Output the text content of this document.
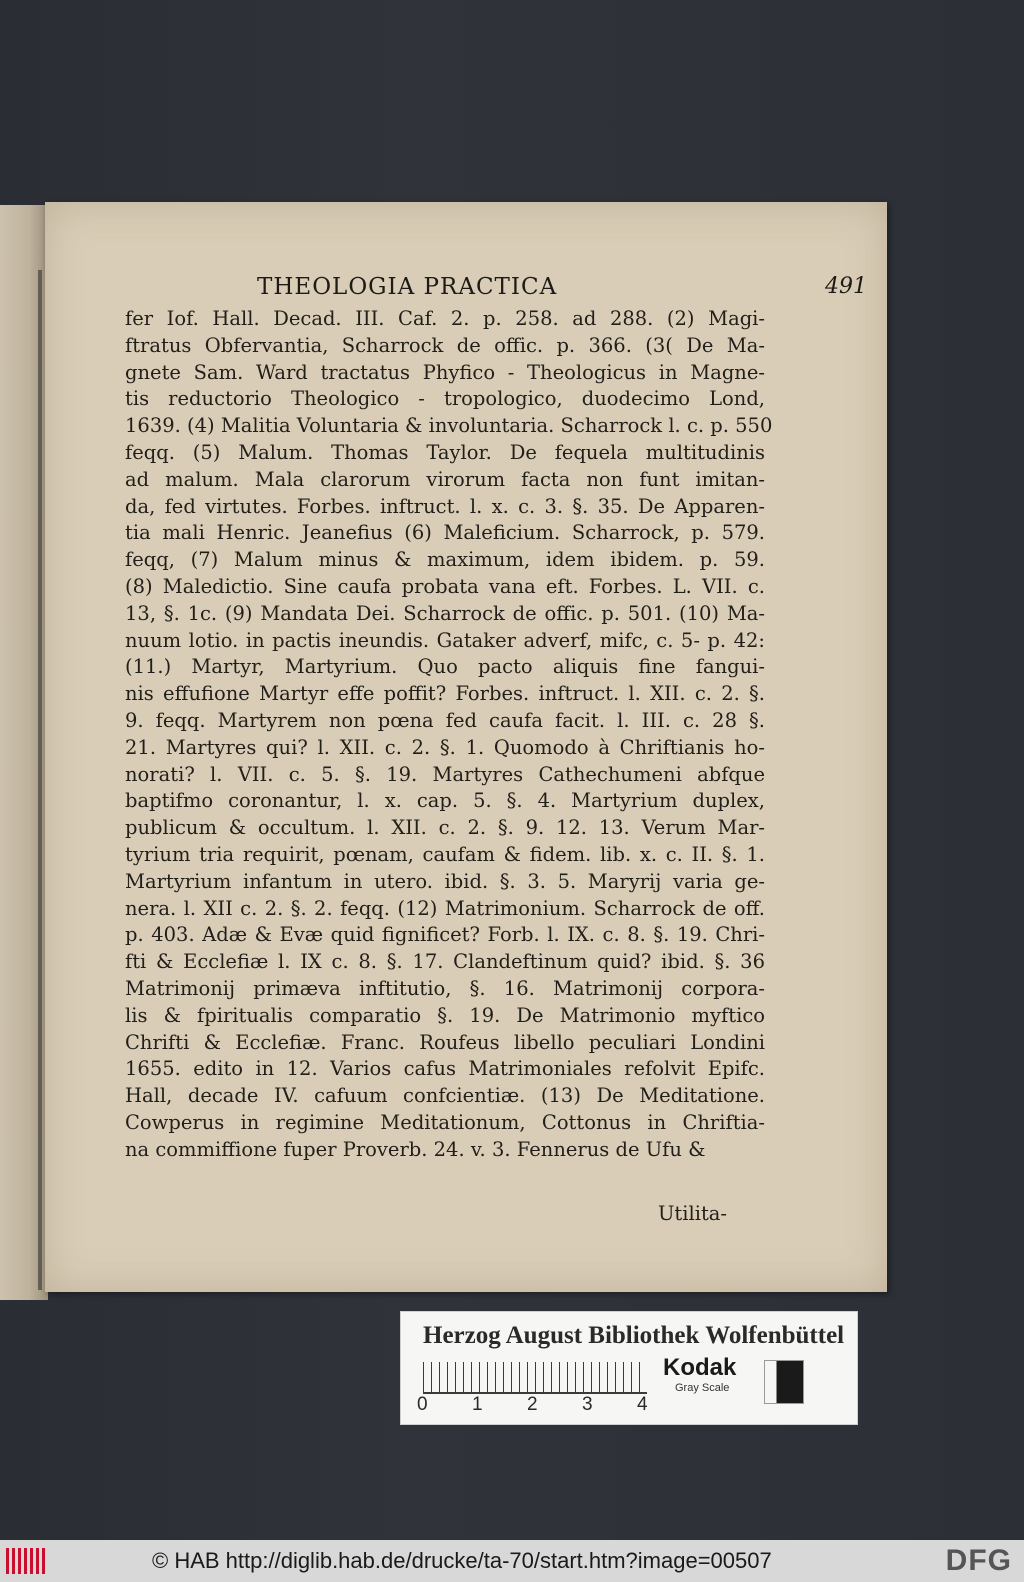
THEOLOGIA PRACTICA	491
fer Iof. Hall. Decad. III. Caf. 2. p. 258. ad 288. (2) Magi-
ftratus Obfervantia, Scharrock de offic. p. 366. (3( De Ma-
gnete Sam. Ward tractatus Phyfico - Theologicus in Magne-
tis reductorio Theologico - tropologico, duodecimo Lond,
1639. (4) Malitia Voluntaria & involuntaria. Scharrock l. c. p. 550
feqq. (5) Malum. Thomas Taylor. De fequela multitudinis
ad malum. Mala clarorum virorum facta non funt imitan-
da, fed virtutes. Forbes. inftruct. l. x. c. 3. §. 35. De Apparen-
tia mali Henric. Jeanefius (6) Maleficium. Scharrock, p. 579.
feqq, (7) Malum minus & maximum, idem ibidem. p. 59.
(8) Maledictio. Sine caufa probata vana eft. Forbes. L. VII. c.
13, §. 1c. (9) Mandata Dei. Scharrock de offic. p. 501. (10) Ma-
nuum lotio. in pactis ineundis. Gataker adverf, mifc, c. 5- p. 42:
(11.) Martyr, Martyrium. Quo pacto aliquis fine fangui-
nis effufione Martyr effe poffit? Forbes. inftruct. l. XII. c. 2. §.
9. feqq. Martyrem non pœna fed caufa facit. l. III. c. 28 §.
21. Martyres qui? l. XII. c. 2. §. 1. Quomodo à Chriftianis ho-
norati? l. VII. c. 5. §. 19. Martyres Cathechumeni abfque
baptifmo coronantur, l. x. cap. 5. §. 4. Martyrium duplex,
publicum & occultum. l. XII. c. 2. §. 9. 12. 13. Verum Mar-
tyrium tria requirit, pœnam, caufam & fidem. lib. x. c. II. §. 1.
Martyrium infantum in utero. ibid. §. 3. 5. Maryrij varia ge-
nera. l. XII c. 2. §. 2. feqq. (12) Matrimonium. Scharrock de off.
p. 403. Adæ & Evæ quid fignificet? Forb. l. IX. c. 8. §. 19. Chri-
fti & Ecclefiæ l. IX c. 8. §. 17. Clandeftinum quid? ibid. §. 36
Matrimonij primæva inftitutio, §. 16. Matrimonij corpora-
lis & fpiritualis comparatio §. 19. De Matrimonio myftico
Chrifti & Ecclefiæ. Franc. Roufeus libello peculiari Londini
1655. edito in 12. Varios cafus Matrimoniales refolvit Epifc.
Hall, decade IV. cafuum confcientiæ. (13) De Meditatione.
Cowperus in regimine Meditationum, Cottonus in Chriftia-
na commiffione fuper Proverb. 24. v. 3. Fennerus de Ufu &
Utilita-
Herzog August Bibliothek Wolfenbüttel
0 1 2 3 4
Kodak
Gray Scale
© HAB http://diglib.hab.de/drucke/ta-70/start.htm?image=00507	DFG
